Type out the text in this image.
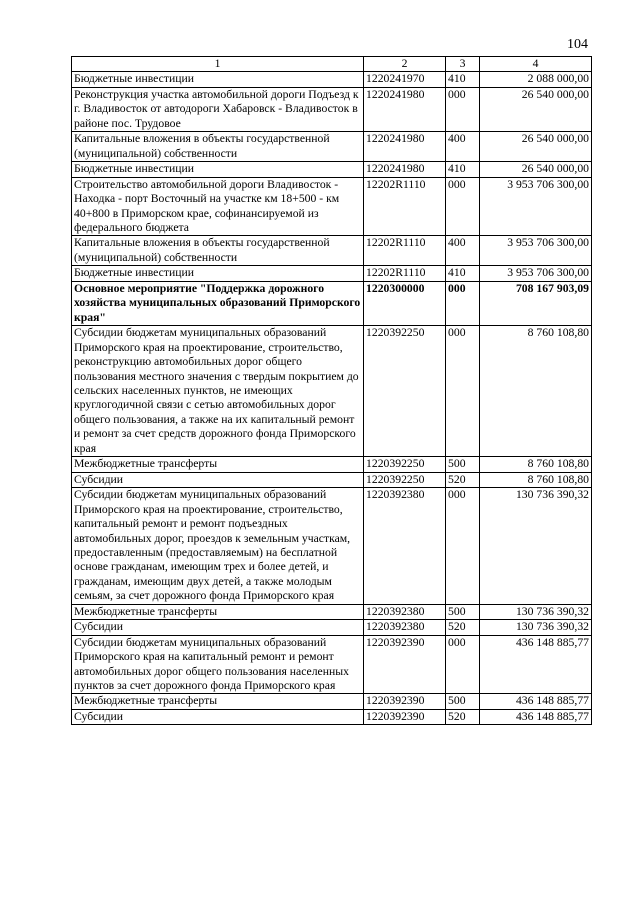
104
1	2	3	4
Бюджетные инвестиции	1220241970	410	2 088 000,00
Реконструкция участка автомобильной дороги Подъезд к г. Владивосток от автодороги Хабаровск - Владивосток в районе пос. Трудовое	1220241980	000	26 540 000,00
Капитальные вложения в объекты государственной (муниципальной) собственности	1220241980	400	26 540 000,00
Бюджетные инвестиции	1220241980	410	26 540 000,00
Строительство автомобильной дороги Владивосток - Находка - порт Восточный на участке км 18+500 - км 40+800 в Приморском крае, софинансируемой из федерального бюджета	12202R1110	000	3 953 706 300,00
Капитальные вложения в объекты государственной (муниципальной) собственности	12202R1110	400	3 953 706 300,00
Бюджетные инвестиции	12202R1110	410	3 953 706 300,00
Основное мероприятие "Поддержка дорожного хозяйства муниципальных образований Приморского края"	1220300000	000	708 167 903,09
Субсидии бюджетам муниципальных образований Приморского края на проектирование, строительство, реконструкцию автомобильных дорог общего пользования местного значения с твердым покрытием до сельских населенных пунктов, не имеющих круглогодичной связи с сетью автомобильных дорог общего пользования, а также на их капитальный ремонт и ремонт за счет средств дорожного фонда Приморского края	1220392250	000	8 760 108,80
Межбюджетные трансферты	1220392250	500	8 760 108,80
Субсидии	1220392250	520	8 760 108,80
Субсидии бюджетам муниципальных образований Приморского края на проектирование, строительство, капитальный ремонт и ремонт подъездных автомобильных дорог, проездов к земельным участкам, предоставленным (предоставляемым) на бесплатной основе гражданам, имеющим трех и более детей, и гражданам, имеющим двух детей, а также молодым семьям, за счет дорожного фонда Приморского края	1220392380	000	130 736 390,32
Межбюджетные трансферты	1220392380	500	130 736 390,32
Субсидии	1220392380	520	130 736 390,32
Субсидии бюджетам муниципальных образований Приморского края на капитальный ремонт и ремонт автомобильных дорог общего пользования населенных пунктов за счет дорожного фонда Приморского края	1220392390	000	436 148 885,77
Межбюджетные трансферты	1220392390	500	436 148 885,77
Субсидии	1220392390	520	436 148 885,77
